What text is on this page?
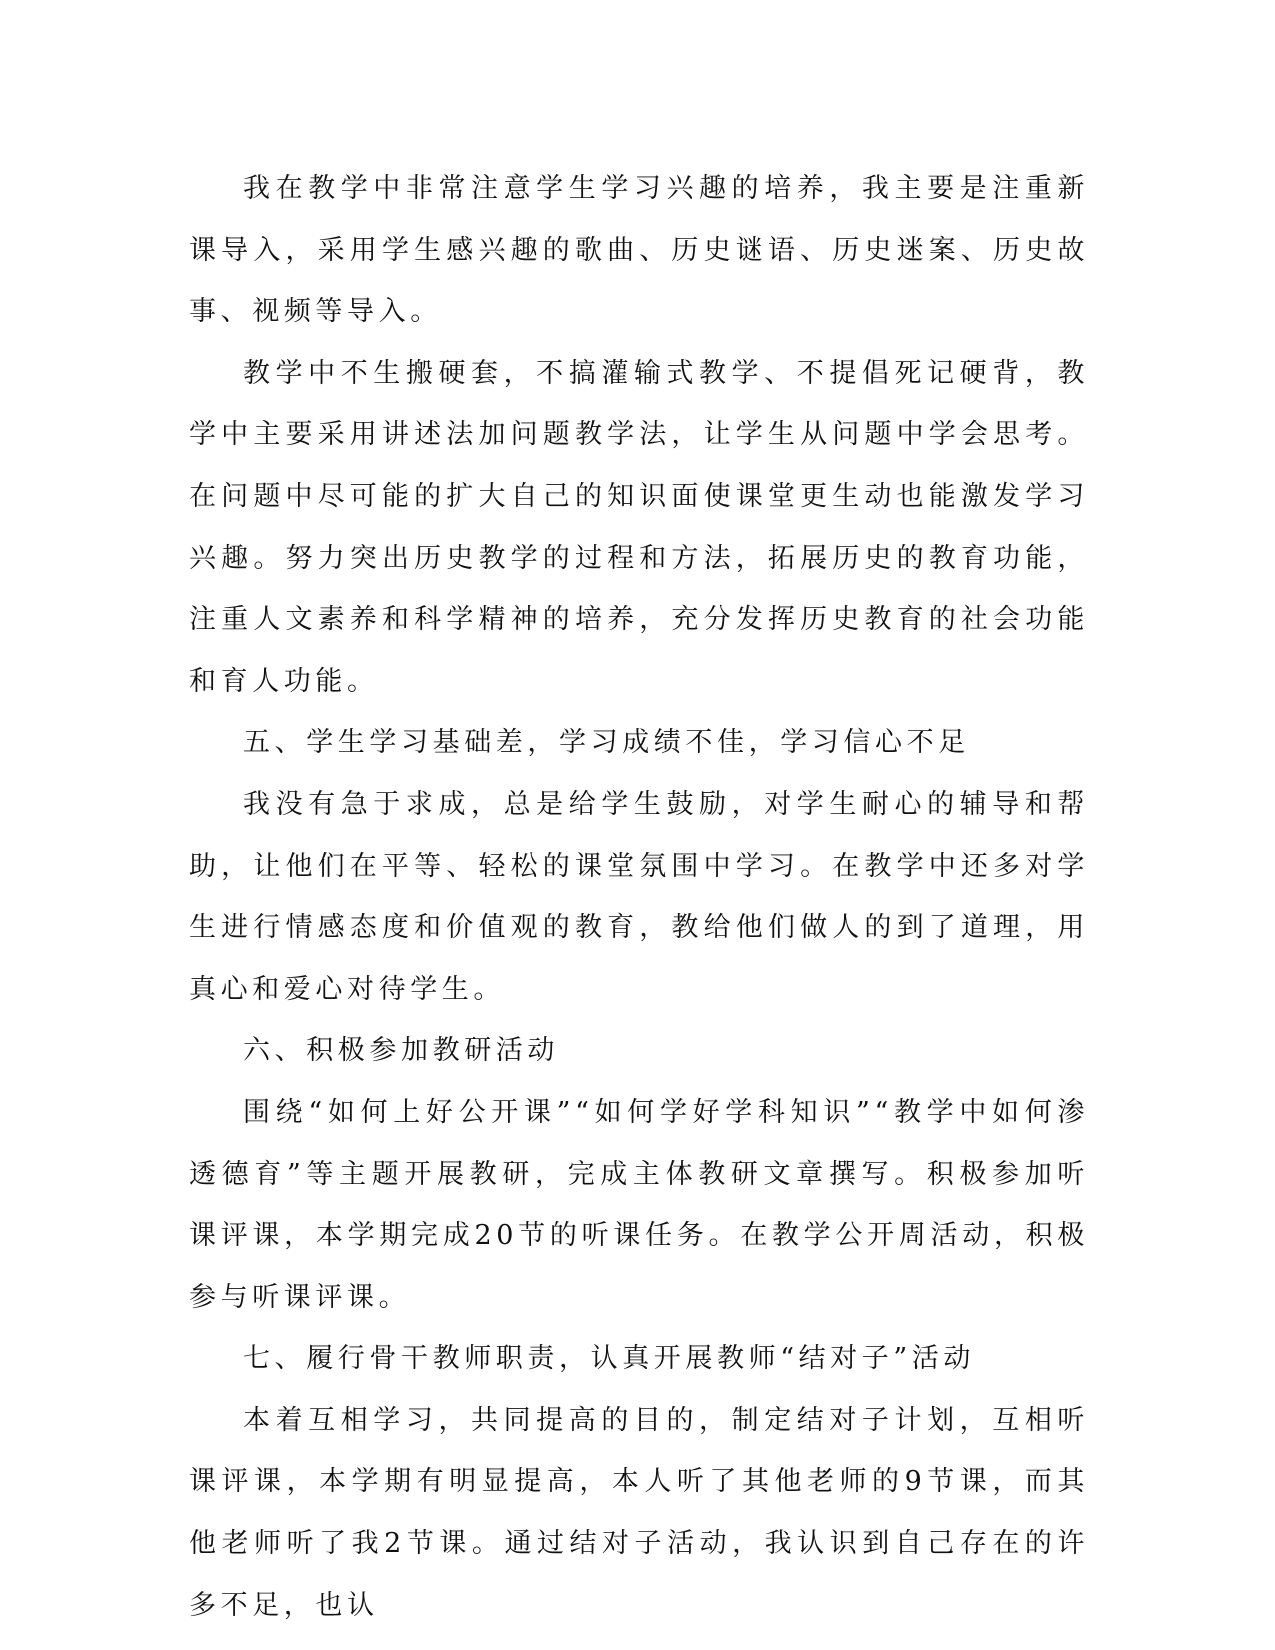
我在教学中非常注意学生学习兴趣的培养，我主要是注重新课导入，采用学生感兴趣的歌曲、历史谜语、历史迷案、历史故事、视频等导入。

教学中不生搬硬套，不搞灌输式教学、不提倡死记硬背，教学中主要采用讲述法加问题教学法，让学生从问题中学会思考。在问题中尽可能的扩大自己的知识面使课堂更生动也能激发学习兴趣。努力突出历史教学的过程和方法，拓展历史的教育功能，注重人文素养和科学精神的培养，充分发挥历史教育的社会功能和育人功能。

五、学生学习基础差，学习成绩不佳，学习信心不足

我没有急于求成，总是给学生鼓励，对学生耐心的辅导和帮助，让他们在平等、轻松的课堂氛围中学习。在教学中还多对学生进行情感态度和价值观的教育，教给他们做人的到了道理，用真心和爱心对待学生。

六、积极参加教研活动

围绕“如何上好公开课”“如何学好学科知识”“教学中如何渗透德育”等主题开展教研，完成主体教研文章撰写。积极参加听课评课，本学期完成20节的听课任务。在教学公开周活动，积极参与听课评课。

七、履行骨干教师职责，认真开展教师“结对子”活动

本着互相学习，共同提高的目的，制定结对子计划，互相听课评课，本学期有明显提高，本人听了其他老师的9节课，而其他老师听了我2节课。通过结对子活动，我认识到自己存在的许多不足，也认
